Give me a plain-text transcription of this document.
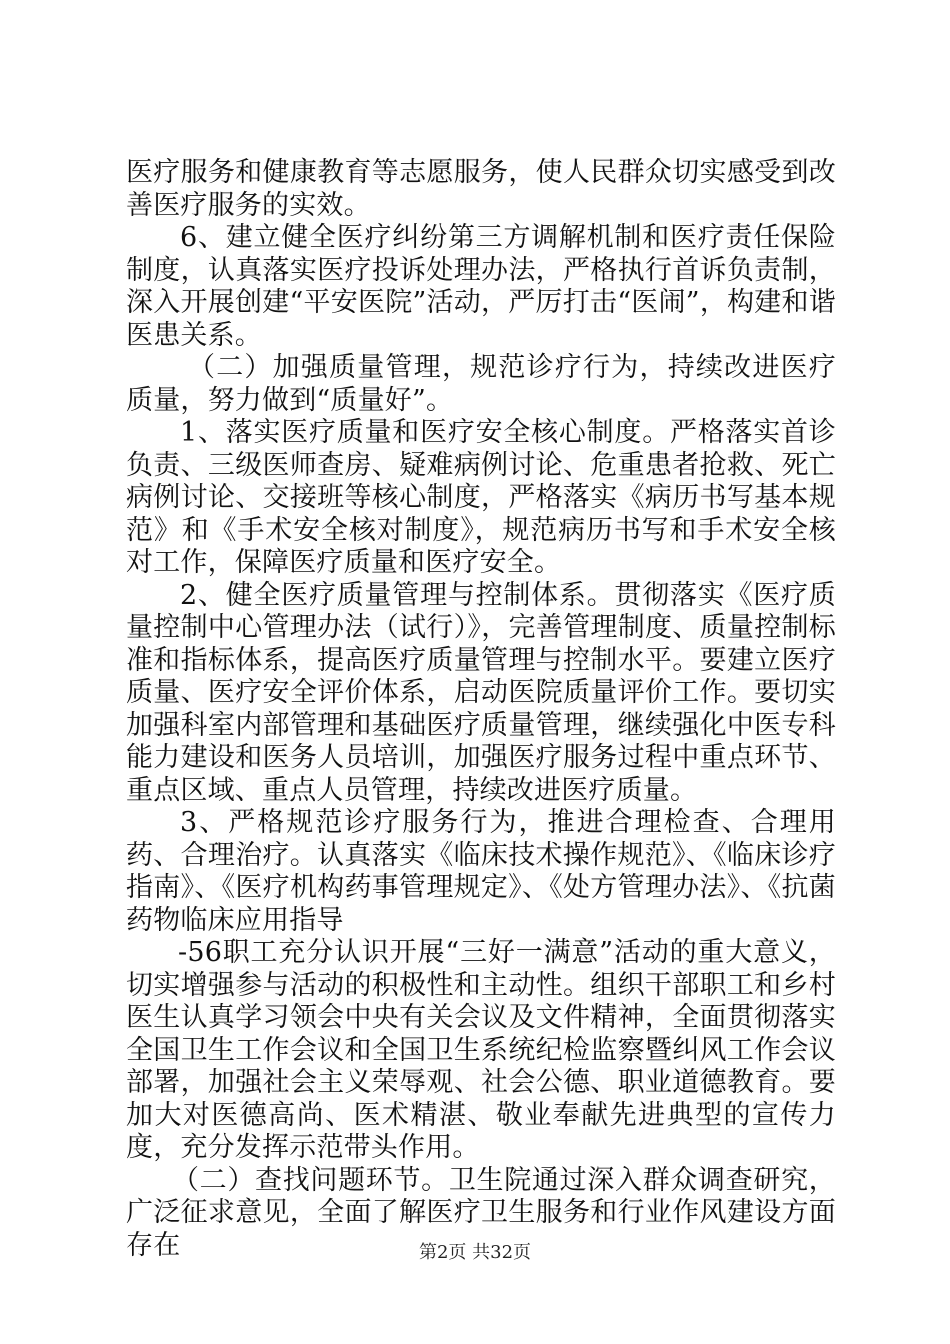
医疗服务和健康教育等志愿服务，使人民群众切实感受到改善医疗服务的实效。

6、建立健全医疗纠纷第三方调解机制和医疗责任保险制度，认真落实医疗投诉处理办法，严格执行首诉负责制，深入开展创建“平安医院”活动，严厉打击“医闹”，构建和谐医患关系。

（二）加强质量管理，规范诊疗行为，持续改进医疗质量，努力做到“质量好”。

1、落实医疗质量和医疗安全核心制度。严格落实首诊负责、三级医师查房、疑难病例讨论、危重患者抢救、死亡病例讨论、交接班等核心制度，严格落实《病历书写基本规范》和《手术安全核对制度》，规范病历书写和手术安全核对工作，保障医疗质量和医疗安全。

2、健全医疗质量管理与控制体系。贯彻落实《医疗质量控制中心管理办法（试行）》，完善管理制度、质量控制标准和指标体系，提高医疗质量管理与控制水平。要建立医疗质量、医疗安全评价体系，启动医院质量评价工作。要切实加强科室内部管理和基础医疗质量管理，继续强化中医专科能力建设和医务人员培训，加强医疗服务过程中重点环节、重点区域、重点人员管理，持续改进医疗质量。

3、严格规范诊疗服务行为，推进合理检查、合理用药、合理治疗。认真落实《临床技术操作规范》、《临床诊疗指南》、《医疗机构药事管理规定》、《处方管理办法》、《抗菌药物临床应用指导

-56职工充分认识开展“三好一满意”活动的重大意义，切实增强参与活动的积极性和主动性。组织干部职工和乡村医生认真学习领会中央有关会议及文件精神，全面贯彻落实全国卫生工作会议和全国卫生系统纪检监察暨纠风工作会议部署，加强社会主义荣辱观、社会公德、职业道德教育。要加大对医德高尚、医术精湛、敬业奉献先进典型的宣传力度，充分发挥示范带头作用。

（二）查找问题环节。卫生院通过深入群众调查研究，广泛征求意见，全面了解医疗卫生服务和行业作风建设方面存在	第2页 共32页
